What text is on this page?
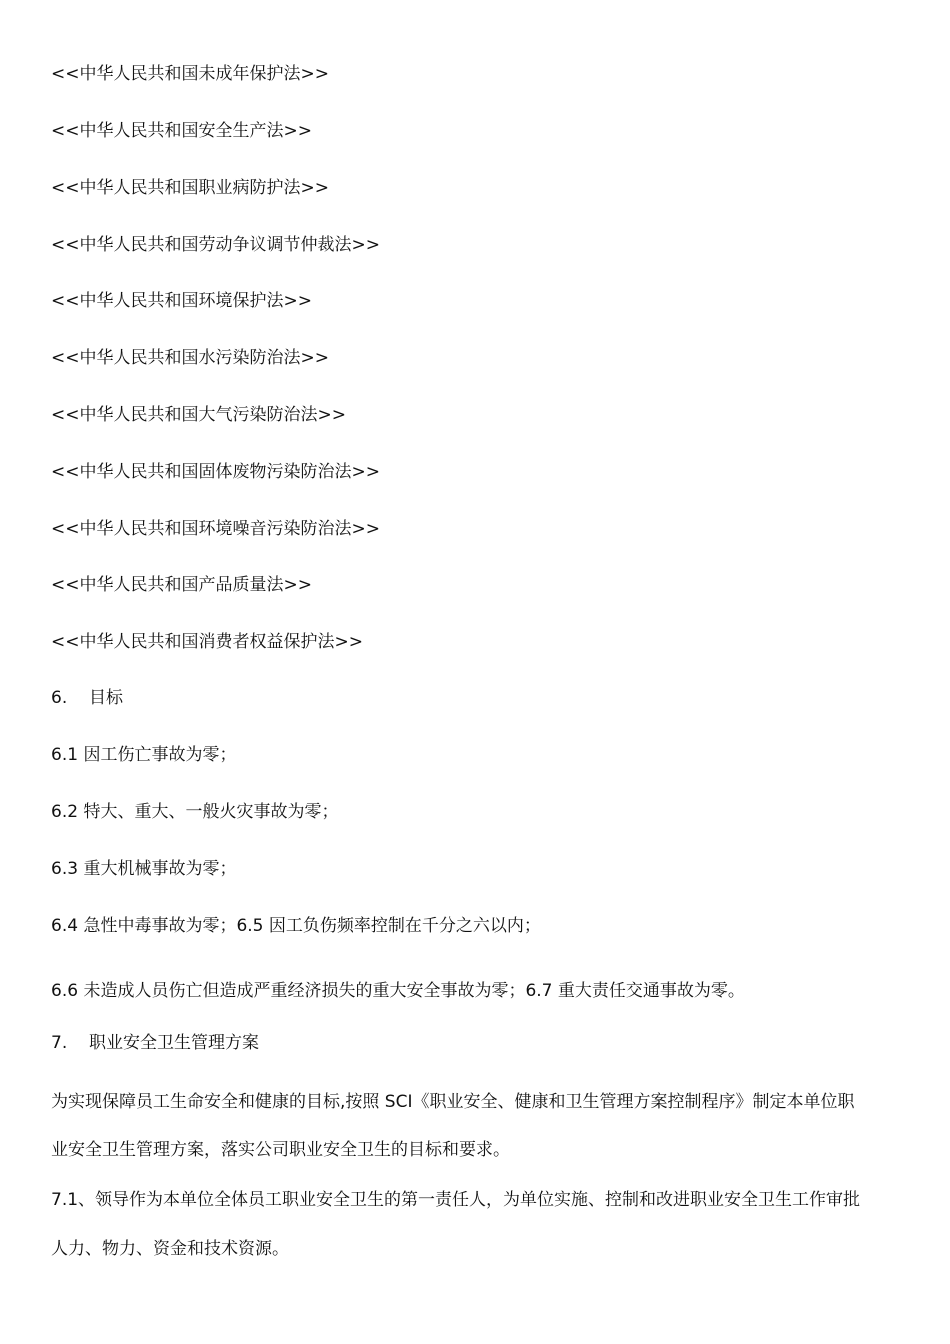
<<中华人民共和国未成年保护法>>
<<中华人民共和国安全生产法>>
<<中华人民共和国职业病防护法>>
<<中华人民共和国劳动争议调节仲裁法>>
<<中华人民共和国环境保护法>>
<<中华人民共和国水污染防治法>>
<<中华人民共和国大气污染防治法>>
<<中华人民共和国固体废物污染防治法>>
<<中华人民共和国环境噪音污染防治法>>
<<中华人民共和国产品质量法>>
<<中华人民共和国消费者权益保护法>>
6. 目标
6.1 因工伤亡事故为零；
6.2 特大、重大、一般火灾事故为零；
6.3 重大机械事故为零；
6.4 急性中毒事故为零；6.5 因工负伤频率控制在千分之六以内；
6.6 未造成人员伤亡但造成严重经济损失的重大安全事故为零；6.7 重大责任交通事故为零。
7. 职业安全卫生管理方案
为实现保障员工生命安全和健康的目标,按照 SCI《职业安全、健康和卫生管理方案控制程序》制定本单位职
业安全卫生管理方案，落实公司职业安全卫生的目标和要求。
7.1、领导作为本单位全体员工职业安全卫生的第一责任人，为单位实施、控制和改进职业安全卫生工作审批
人力、物力、资金和技术资源。
